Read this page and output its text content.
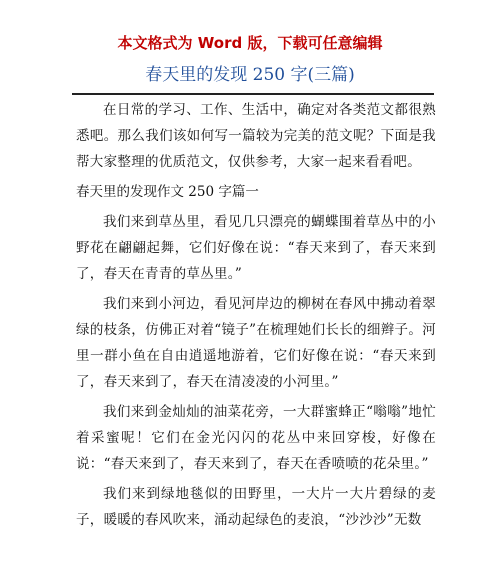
本文格式为 Word 版，下载可任意编辑
春天里的发现 250 字(三篇)

在日常的学习、工作、生活中，确定对各类范文都很熟悉吧。那么我们该如何写一篇较为完美的范文呢？下面是我帮大家整理的优质范文，仅供参考，大家一起来看看吧。

春天里的发现作文 250 字篇一

我们来到草丛里，看见几只漂亮的蝴蝶围着草丛中的小野花在翩翩起舞，它们好像在说：“春天来到了，春天来到了，春天在青青的草丛里。”

我们来到小河边，看见河岸边的柳树在春风中拂动着翠绿的枝条，仿佛正对着“镜子”在梳理她们长长的细辫子。河里一群小鱼在自由逍遥地游着，它们好像在说：“春天来到了，春天来到了，春天在清凌凌的小河里。”

我们来到金灿灿的油菜花旁，一大群蜜蜂正“嗡嗡”地忙着采蜜呢！它们在金光闪闪的花丛中来回穿梭，好像在说：“春天来到了，春天来到了，春天在香喷喷的花朵里。”

我们来到绿地毯似的田野里，一大片一大片碧绿的麦子，暖暖的春风吹来，涌动起绿色的麦浪，“沙沙沙”无数
